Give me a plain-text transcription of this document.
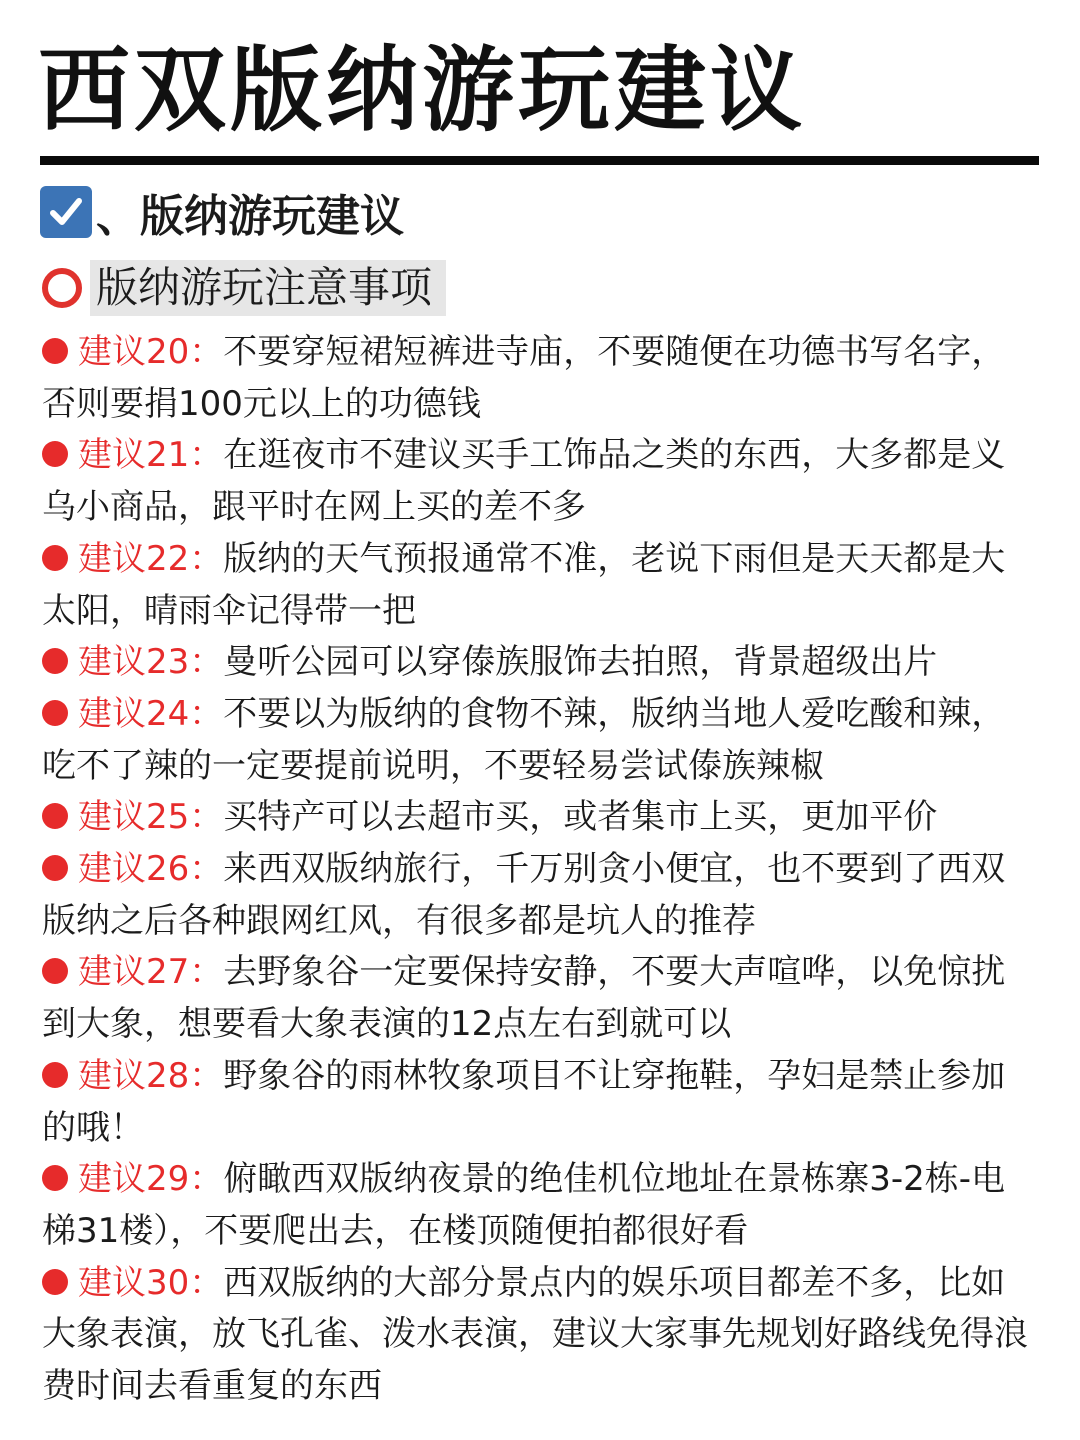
西双版纳游玩建议
、版纳游玩建议
版纳游玩注意事项
建议20：不要穿短裙短裤进寺庙，不要随便在功德书写名字，否则要捐100元以上的功德钱
建议21：在逛夜市不建议买手工饰品之类的东西，大多都是义乌小商品，跟平时在网上买的差不多
建议22：版纳的天气预报通常不准，老说下雨但是天天都是大太阳，晴雨伞记得带一把
建议23：曼听公园可以穿傣族服饰去拍照，背景超级出片
建议24：不要以为版纳的食物不辣，版纳当地人爱吃酸和辣，吃不了辣的一定要提前说明，不要轻易尝试傣族辣椒
建议25：买特产可以去超市买，或者集市上买，更加平价
建议26：来西双版纳旅行，千万别贪小便宜，也不要到了西双版纳之后各种跟网红风，有很多都是坑人的推荐
建议27：去野象谷一定要保持安静，不要大声喧哗，以免惊扰到大象，想要看大象表演的12点左右到就可以
建议28：野象谷的雨林牧象项目不让穿拖鞋，孕妇是禁止参加的哦！
建议29：俯瞰西双版纳夜景的绝佳机位地址在景栋寨3-2栋-电梯31楼），不要爬出去，在楼顶随便拍都很好看
建议30：西双版纳的大部分景点内的娱乐项目都差不多，比如大象表演，放飞孔雀、泼水表演，建议大家事先规划好路线免得浪费时间去看重复的东西
